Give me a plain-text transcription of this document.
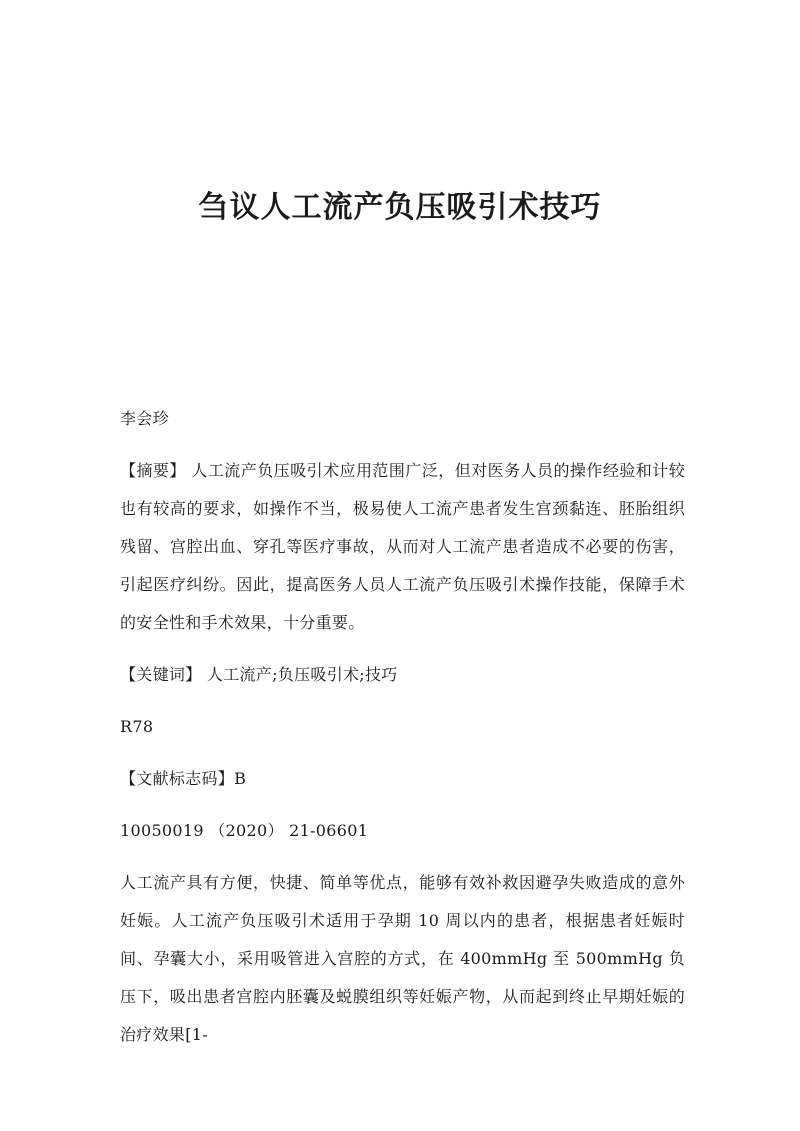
刍议人工流产负压吸引术技巧

李会珍

【摘要】 人工流产负压吸引术应用范围广泛，但对医务人员的操作经验和计较也有较高的要求，如操作不当，极易使人工流产患者发生宫颈黏连、胚胎组织残留、宫腔出血、穿孔等医疗事故，从而对人工流产患者造成不必要的伤害，引起医疗纠纷。因此，提高医务人员人工流产负压吸引术操作技能，保障手术的安全性和手术效果，十分重要。

【关键词】 人工流产;负压吸引术;技巧

R78

【文献标志码】B

10050019 （2020） 21-06601

人工流产具有方便，快捷、简单等优点，能够有效补救因避孕失败造成的意外妊娠。人工流产负压吸引术适用于孕期 10 周以内的患者，根据患者妊娠时间、孕囊大小，采用吸管进入宫腔的方式，在 400mmHg 至 500mmHg 负压下，吸出患者宫腔内胚囊及蜕膜组织等妊娠产物，从而起到终止早期妊娠的治疗效果[1-
